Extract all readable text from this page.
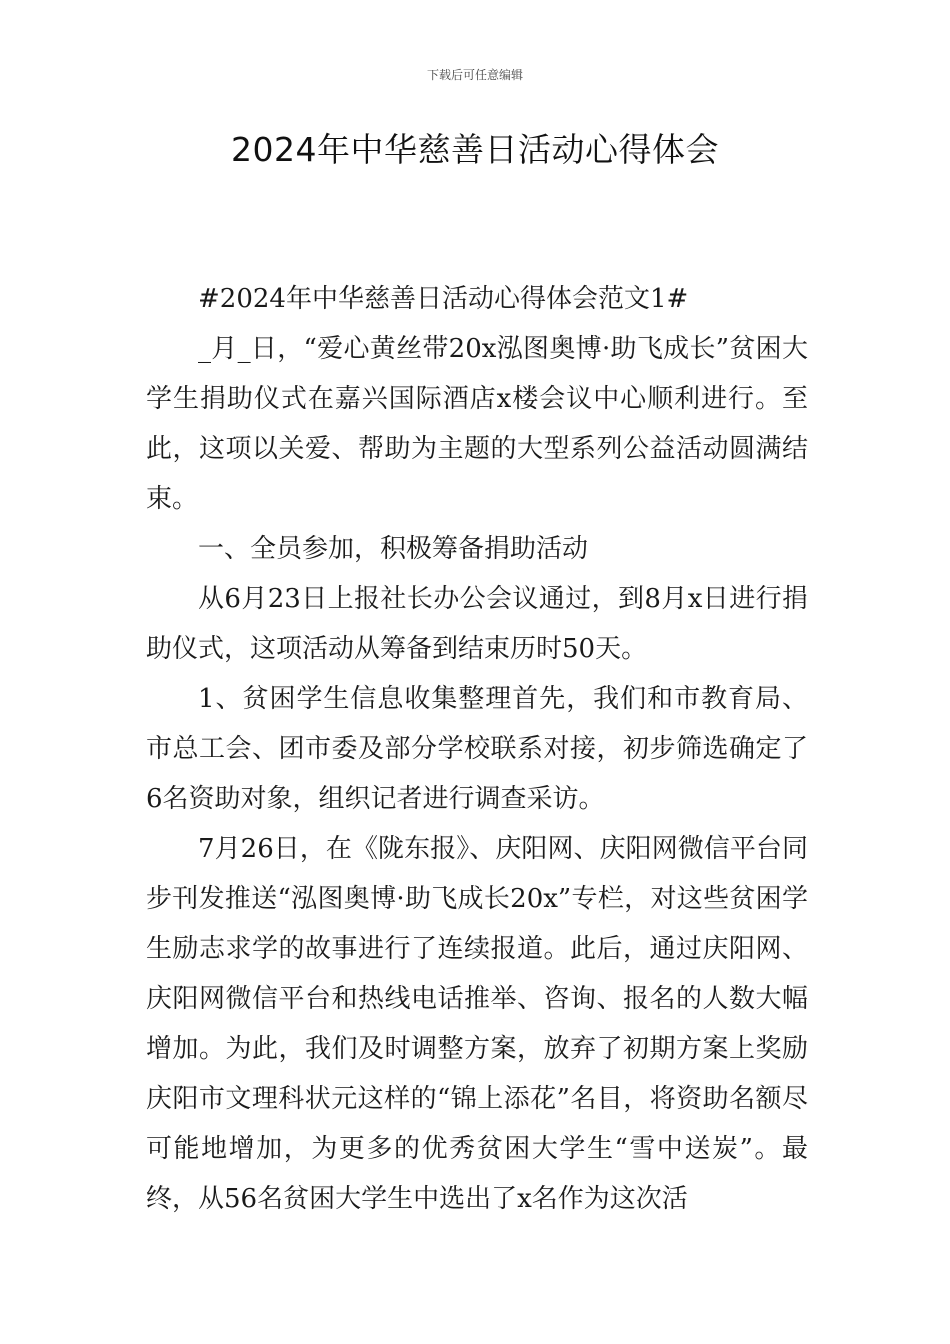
下载后可任意编辑
2024年中华慈善日活动心得体会

#2024年中华慈善日活动心得体会范文1#

_月_日，“爱心黄丝带20x泓图奥博·助飞成长”贫困大学生捐助仪式在嘉兴国际酒店x楼会议中心顺利进行。至此，这项以关爱、帮助为主题的大型系列公益活动圆满结束。

一、全员参加，积极筹备捐助活动

从6月23日上报社长办公会议通过，到8月x日进行捐助仪式，这项活动从筹备到结束历时50天。

1、贫困学生信息收集整理首先，我们和市教育局、市总工会、团市委及部分学校联系对接，初步筛选确定了6名资助对象，组织记者进行调查采访。

7月26日，在《陇东报》、庆阳网、庆阳网微信平台同步刊发推送“泓图奥博·助飞成长20x”专栏，对这些贫困学生励志求学的故事进行了连续报道。此后，通过庆阳网、庆阳网微信平台和热线电话推举、咨询、报名的人数大幅增加。为此，我们及时调整方案，放弃了初期方案上奖励庆阳市文理科状元这样的“锦上添花”名目，将资助名额尽可能地增加，为更多的优秀贫困大学生“雪中送炭”。最终，从56名贫困大学生中选出了x名作为这次活
